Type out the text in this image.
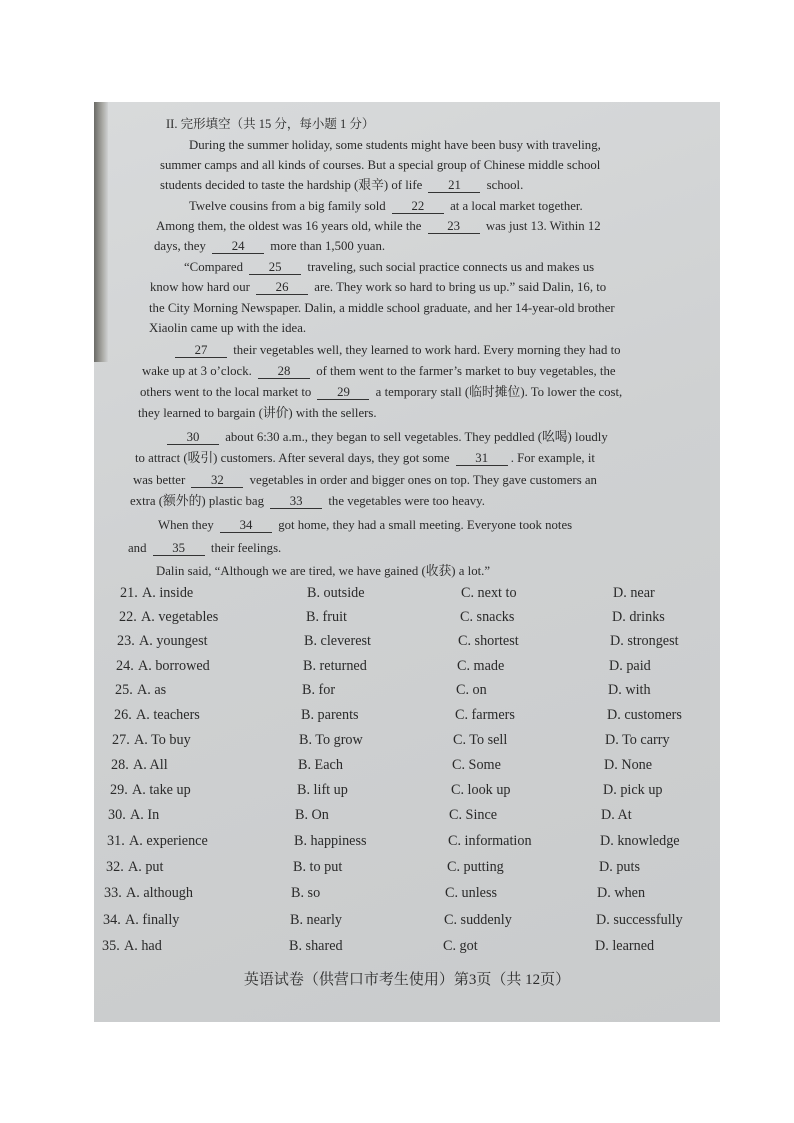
II. 完形填空（共 15 分，每小题 1 分）
During the summer holiday, some students might have been busy with traveling,
summer camps and all kinds of courses. But a special group of Chinese middle school
students decided to taste the hardship (艰辛) of life 21 school.
Twelve cousins from a big family sold 22 at a local market together.
Among them, the oldest was 16 years old, while the 23 was just 13. Within 12
days, they 24 more than 1,500 yuan.
“Compared 25 traveling, such social practice connects us and makes us
know how hard our 26 are. They work so hard to bring us up.” said Dalin, 16, to
the City Morning Newspaper. Dalin, a middle school graduate, and her 14-year-old brother
Xiaolin came up with the idea.
27 their vegetables well, they learned to work hard. Every morning they had to
wake up at 3 o’clock. 28 of them went to the farmer’s market to buy vegetables, the
others went to the local market to 29 a temporary stall (临时摊位). To lower the cost,
they learned to bargain (讲价) with the sellers.
30 about 6:30 a.m., they began to sell vegetables. They peddled (吆喝) loudly
to attract (吸引) customers. After several days, they got some 31 . For example, it
was better 32 vegetables in order and bigger ones on top. They gave customers an
extra (额外的) plastic bag 33 the vegetables were too heavy.
When they 34 got home, they had a small meeting. Everyone took notes
and 35 their feelings.
Dalin said, “Although we are tired, we have gained (收获) a lot.”
21. A. inside	B. outside	C. next to	D. near
22. A. vegetables	B. fruit	C. snacks	D. drinks
23. A. youngest	B. cleverest	C. shortest	D. strongest
24. A. borrowed	B. returned	C. made	D. paid
25. A. as	B. for	C. on	D. with
26. A. teachers	B. parents	C. farmers	D. customers
27. A. To buy	B. To grow	C. To sell	D. To carry
28. A. All	B. Each	C. Some	D. None
29. A. take up	B. lift up	C. look up	D. pick up
30. A. In	B. On	C. Since	D. At
31. A. experience	B. happiness	C. information	D. knowledge
32. A. put	B. to put	C. putting	D. puts
33. A. although	B. so	C. unless	D. when
34. A. finally	B. nearly	C. suddenly	D. successfully
35. A. had	B. shared	C. got	D. learned
英语试卷（供营口市考生使用）第3页（共 12页）
